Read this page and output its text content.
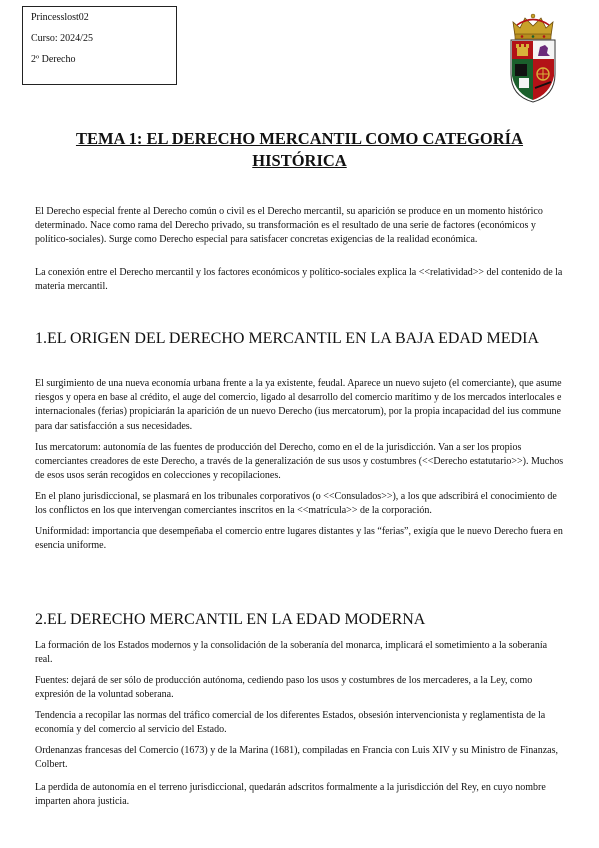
Princesslost02
Curso: 2024/25
2º Derecho
TEMA 1: EL DERECHO MERCANTIL COMO CATEGORÍA HISTÓRICA

El Derecho especial frente al Derecho común o civil es el Derecho mercantil, su aparición se produce en un momento histórico determinado. Nace como rama del Derecho privado, su transformación es el resultado de una serie de factores (económicos y político-sociales). Surge como Derecho especial para satisfacer concretas exigencias de la realidad económica.

La conexión entre el Derecho mercantil y los factores económicos y político-sociales explica la <<relatividad>> del contenido de la materia mercantil.

1.EL ORIGEN DEL DERECHO MERCANTIL EN LA BAJA EDAD MEDIA

El surgimiento de una nueva economía urbana frente a la ya existente, feudal. Aparece un nuevo sujeto (el comerciante), que asume riesgos y opera en base al crédito, el auge del comercio, ligado al desarrollo del comercio marítimo y de los mercados interlocales e internacionales (ferias) propiciarán la aparición de un nuevo Derecho (ius mercatorum), por la propia incapacidad del ius commune para dar satisfacción a sus necesidades.

Ius mercatorum: autonomía de las fuentes de producción del Derecho, como en el de la jurisdicción. Van a ser los propios comerciantes creadores de este Derecho, a través de la generalización de sus usos y costumbres (<<Derecho estatutario>>). Muchos de esos usos serán recogidos en colecciones y recopilaciones.

En el plano jurisdiccional, se plasmará en los tribunales corporativos (o <<Consulados>>), a los que adscribirá el conocimiento de los conflictos en los que intervengan comerciantes inscritos en la <<matrícula>> de la corporación.

Uniformidad: importancia que desempeñaba el comercio entre lugares distantes y las “ferias”, exigía que le nuevo Derecho fuera en esencia uniforme.

2.EL DERECHO MERCANTIL EN LA EDAD MODERNA

La formación de los Estados modernos y la consolidación de la soberanía del monarca, implicará el sometimiento a la soberanía real.

Fuentes: dejará de ser sólo de producción autónoma, cediendo paso los usos y costumbres de los mercaderes, a la Ley, como expresión de la voluntad soberana.

Tendencia a recopilar las normas del tráfico comercial de los diferentes Estados, obsesión intervencionista y reglamentista de la economía y del comercio al servicio del Estado.

Ordenanzas francesas del Comercio (1673) y de la Marina (1681), compiladas en Francia con Luis XIV y su Ministro de Finanzas, Colbert.

La perdida de autonomía en el terreno jurisdiccional, quedarán adscritos formalmente a la jurisdicción del Rey, en cuyo nombre imparten ahora justicia.
